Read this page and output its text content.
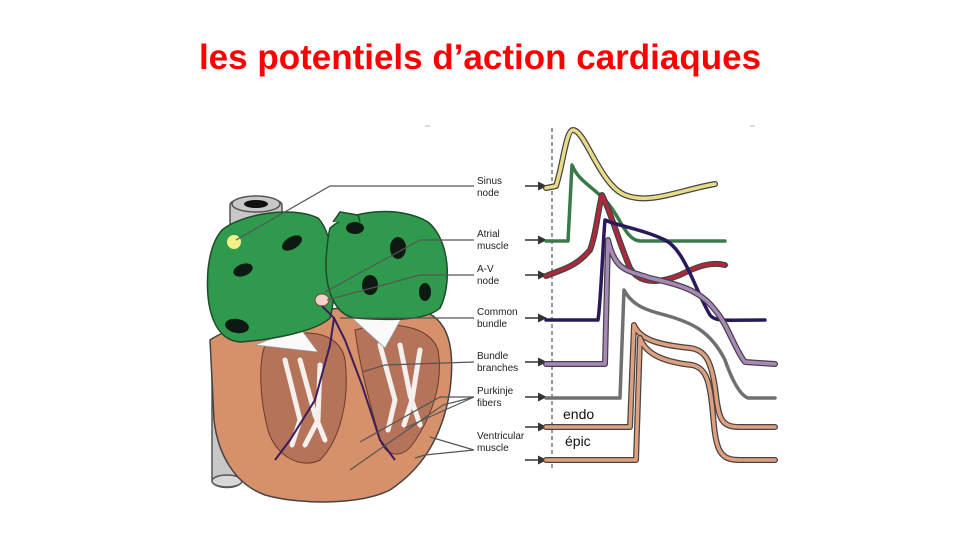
les potentiels d’action cardiaques
Sinus node
Atrial muscle
A-V node
Common bundle
Bundle branches
Purkinje fibers
Ventricular muscle
endo
épic
